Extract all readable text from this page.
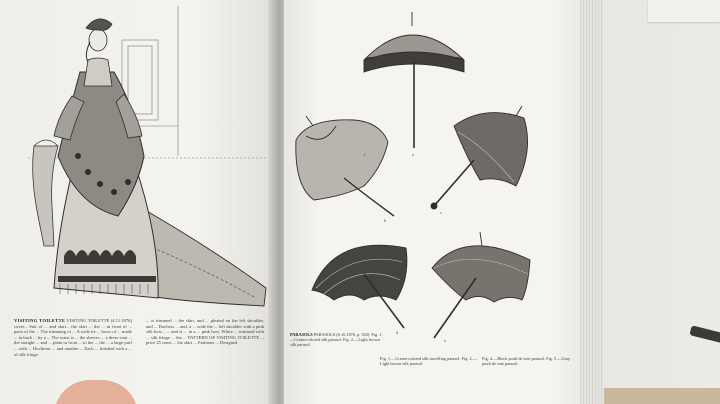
VISITING TOILETTE VISITING TOILETTE (4.11.1876) cover... Suit of ... and skirt... the skirt ... the ... in front of ... parts of the ... The trimming of ... A wide tie ... bows of ... made ... in back ... by a ... The waist is ... the sleeves ... a dress-coat ... the straight ... and ... plain in front ... to the ... the ... a large puff ... with ... Duchesse ... and another ... Each ... finished with a ... of silk fringe.
... is trimmed ... the skirt, and ... pleated on the left shoulder, and ... Duchess ... and, a ... wide the ... left shoulder with a pink silk bow... ... and is ... in a ... pink bow. White ... trimmed with ... silk fringe ... the ... PATTERN OF VISITING TOILETTE ... price 25 cents ... the skirt ... Fashions ... Designed
a
b
c
d
e
f
PARASOLS PARASOLS (6.10.1876, p. 392). Fig. 1.—Cream-colored silk parasol. Fig. 2.—Light brown silk parasol.
Fig. 1.—Cream-colored silk travelling parasol. Fig. 2.—Light brown silk parasol.
Fig. 4.—Black poult de soie parasol. Fig. 5.—Gray poult de soie parasol.
